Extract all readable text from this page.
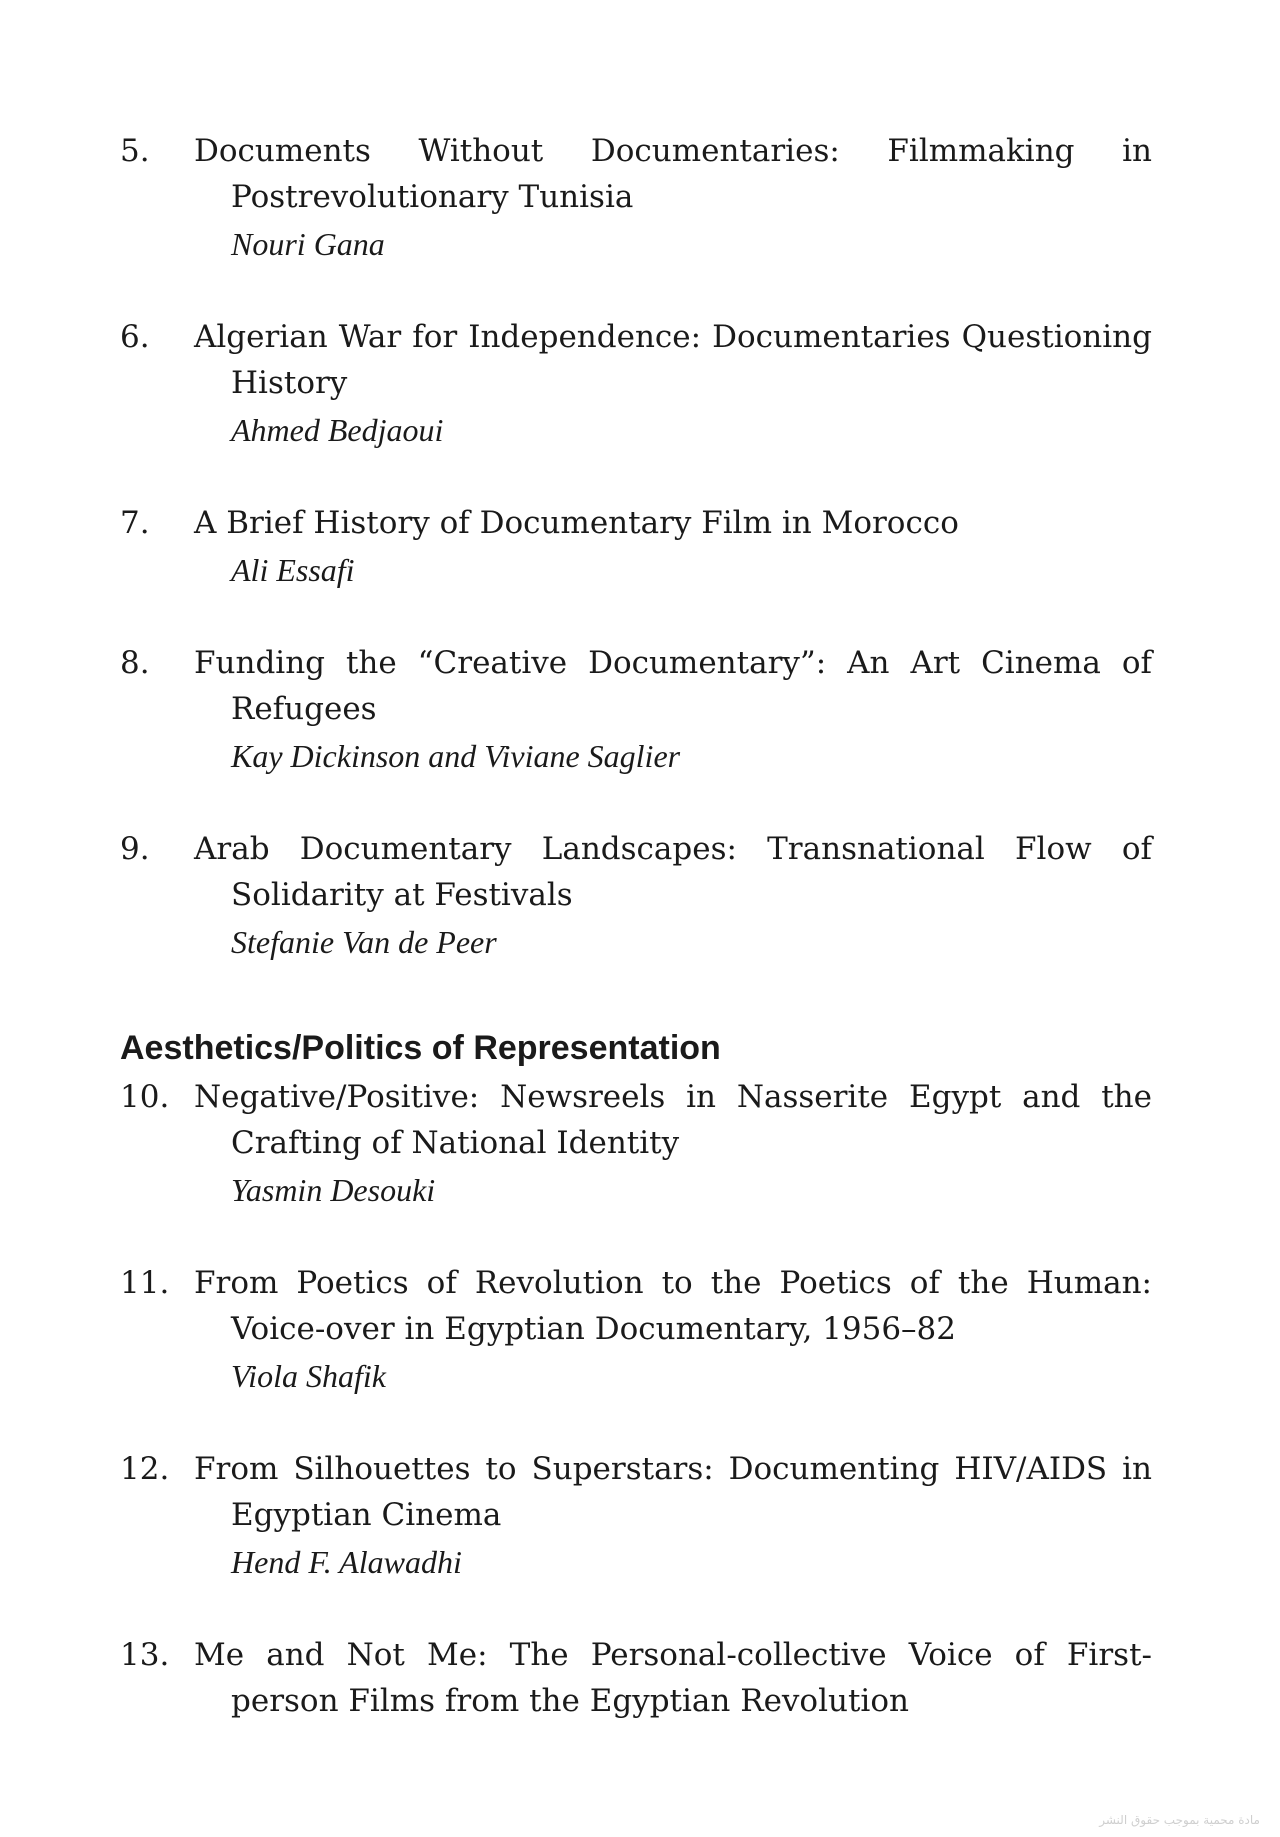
5.	Documents Without Documentaries: Filmmaking in Postrevolutionary Tunisia
Nouri Gana
6.	Algerian War for Independence: Documentaries Questioning History
Ahmed Bedjaoui
7.	A Brief History of Documentary Film in Morocco
Ali Essafi
8.	Funding the “Creative Documentary”: An Art Cinema of Refugees
Kay Dickinson and Viviane Saglier
9.	Arab Documentary Landscapes: Transnational Flow of Solidarity at Festivals
Stefanie Van de Peer
Aesthetics/Politics of Representation
10. Negative/Positive: Newsreels in Nasserite Egypt and the Crafting of National Identity
Yasmin Desouki
11. From Poetics of Revolution to the Poetics of the Human: Voice-over in Egyptian Documentary, 1956–82
Viola Shafik
12. From Silhouettes to Superstars: Documenting HIV/AIDS in Egyptian Cinema
Hend F. Alawadhi
13. Me and Not Me: The Personal-collective Voice of First-person Films from the Egyptian Revolution
مادة محمية بموجب حقوق النشر
